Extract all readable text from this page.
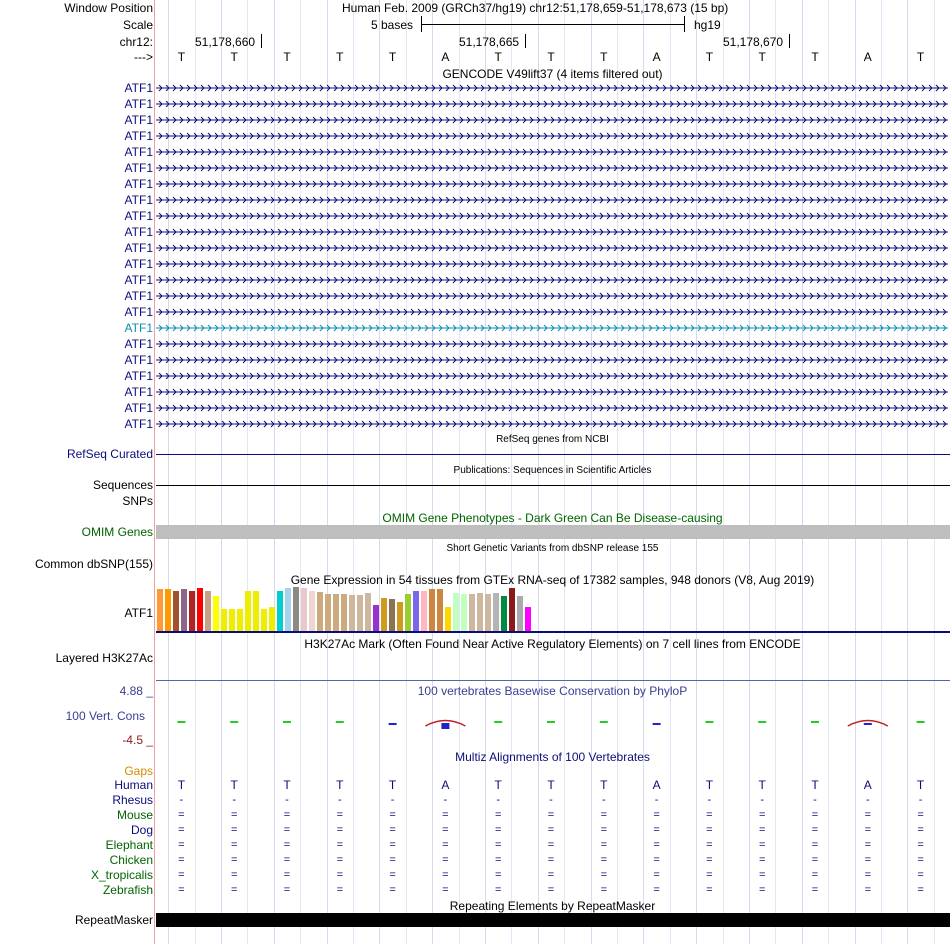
Window Position	Human Feb. 2009 (GRCh37/hg19) chr12:51,178,659-51,178,673 (15 bp)
Scale	5 bases	hg19
chr12:	51,178,660	51,178,665	51,178,670
--->	T	T	T	T	T	A	T	T	T	A	T	T	T	A	T
GENCODE V49lift37 (4 items filtered out)
ATF1
ATF1
ATF1
ATF1
ATF1
ATF1
ATF1
ATF1
ATF1
ATF1
ATF1
ATF1
ATF1
ATF1
ATF1
ATF1
ATF1
ATF1
ATF1
ATF1
ATF1
ATF1
RefSeq genes from NCBI
RefSeq Curated
Publications: Sequences in Scientific Articles
Sequences
SNPs
OMIM Gene Phenotypes - Dark Green Can Be Disease-causing
OMIM Genes
Short Genetic Variants from dbSNP release 155
Common dbSNP(155)
Gene Expression in 54 tissues from GTEx RNA-seq of 17382 samples, 948 donors (V8, Aug 2019)
ATF1
H3K27Ac Mark (Often Found Near Active Regulatory Elements) on 7 cell lines from ENCODE
Layered H3K27Ac
100 vertebrates Basewise Conservation by PhyloP
4.88 _
100 Vert. Cons
-4.5 _
Multiz Alignments of 100 Vertebrates
Gaps
Human	T	T	T	T	T	A	T	T	T	A	T	T	T	A	T
Rhesus	-	-	-	-	-	-	-	-	-	-	-	-	-	-	-
Mouse	=	=	=	=	=	=	=	=	=	=	=	=	=	=	=
Dog	=	=	=	=	=	=	=	=	=	=	=	=	=	=	=
Elephant	=	=	=	=	=	=	=	=	=	=	=	=	=	=	=
Chicken	=	=	=	=	=	=	=	=	=	=	=	=	=	=	=
X_tropicalis	=	=	=	=	=	=	=	=	=	=	=	=	=	=	=
Zebrafish	=	=	=	=	=	=	=	=	=	=	=	=	=	=	=
Repeating Elements by RepeatMasker
RepeatMasker
